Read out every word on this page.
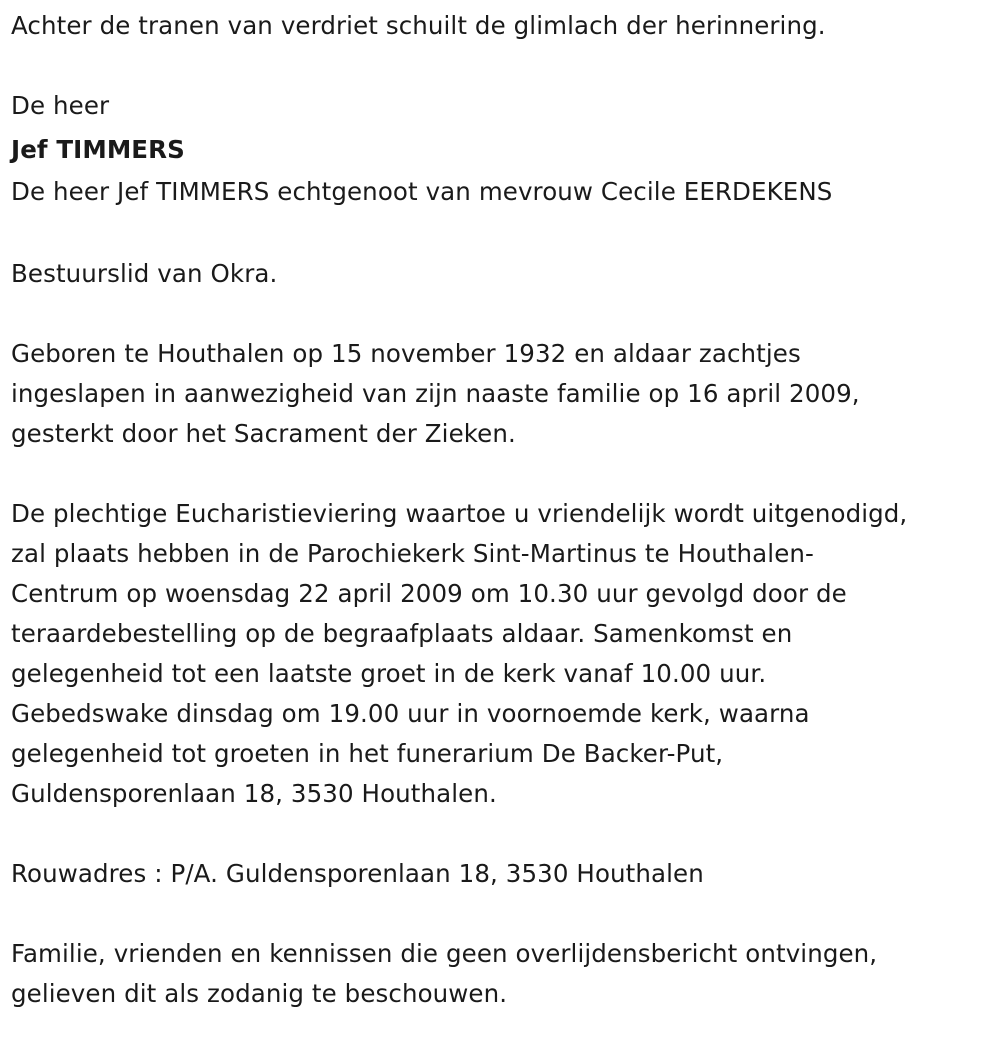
Achter de tranen van verdriet schuilt de glimlach der herinnering.
De heer
Jef TIMMERS
De heer Jef TIMMERS echtgenoot van mevrouw Cecile EERDEKENS
Bestuurslid van Okra.
Geboren te Houthalen op 15 november 1932 en aldaar zachtjes
ingeslapen in aanwezigheid van zijn naaste familie op 16 april 2009,
gesterkt door het Sacrament der Zieken.
De plechtige Eucharistieviering waartoe u vriendelijk wordt uitgenodigd,
zal plaats hebben in de Parochiekerk Sint-Martinus te Houthalen-
Centrum op woensdag 22 april 2009 om 10.30 uur gevolgd door de
teraardebestelling op de begraafplaats aldaar. Samenkomst en
gelegenheid tot een laatste groet in de kerk vanaf 10.00 uur.
Gebedswake dinsdag om 19.00 uur in voornoemde kerk, waarna
gelegenheid tot groeten in het funerarium De Backer-Put,
Guldensporenlaan 18, 3530 Houthalen.
Rouwadres : P/A. Guldensporenlaan 18, 3530 Houthalen
Familie, vrienden en kennissen die geen overlijdensbericht ontvingen,
gelieven dit als zodanig te beschouwen.
